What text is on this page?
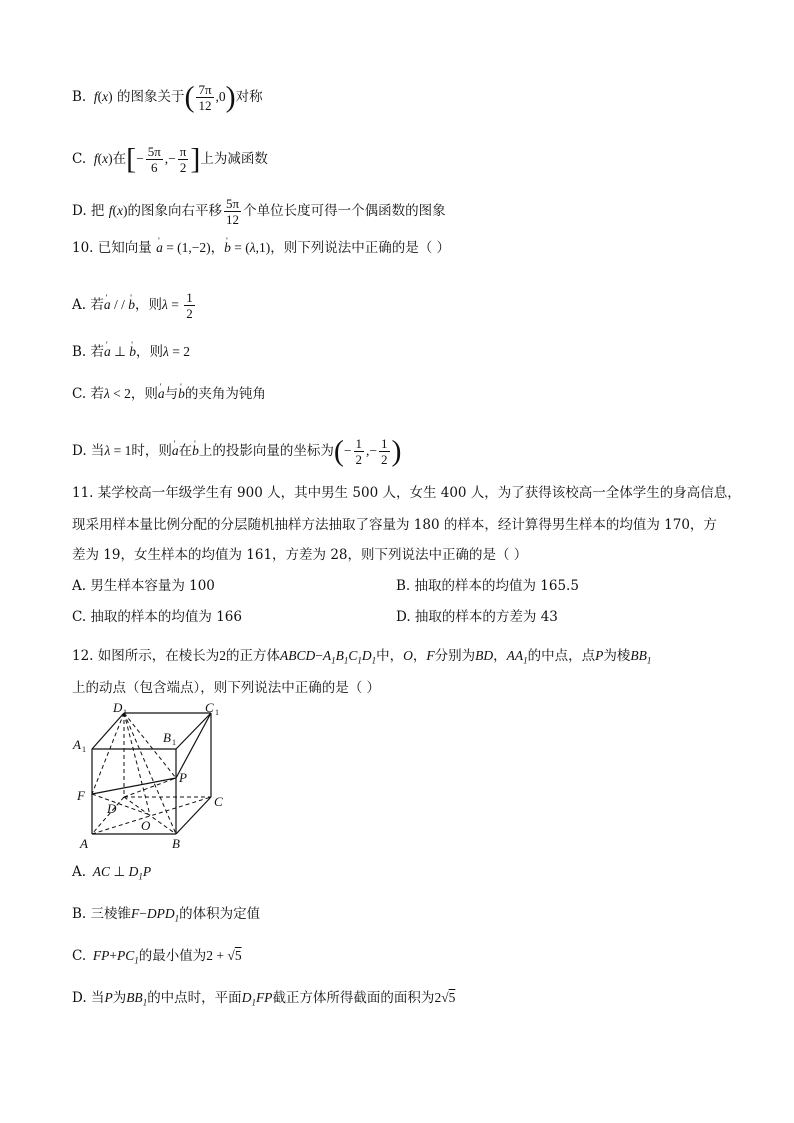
B.  f(x) 的图象关于( $\frac{7\pi}{12} ,0$)对称
C.  f(x)在[− $\frac{5\pi}{6}$ ,− $\frac{\pi}{2}$ ]上为减函数
D. 把 f(x)的图象向右平移 $\frac{5\pi}{12}$ 个单位长度可得一个偶函数的图象
10. 已知向量 ' a = (1,−2)，' b = (λ,1)，则下列说法中正确的是（ ）
A. 若' a / / ' b，则$\lambda = \frac{1}{2}$
B. 若' a ⊥ ' b，则λ = 2
C. 若λ < 2，则' a与' b的夹角为钝角
D. 当λ = 1时，则' a在' b上的投影向量的坐标为(− $\frac{1}{2}$ ,− $\frac{1}{2}$ )
11. 某学校高一年级学生有 900 人，其中男生 500 人，女生 400 人，为了获得该校高一全体学生的身高信息，
现采用样本量比例分配的分层随机抽样方法抽取了容量为 180 的样本，经计算得男生样本的均值为 170，方
差为 19，女生样本的均值为 161，方差为 28，则下列说法中正确的是（ ）
A. 男生样本容量为 100	B. 抽取的样本的均值为 165.5
C. 抽取的样本的均值为 166	D. 抽取的样本的方差为 43
12. 如图所示，在棱长为2的正方体$ABCD-A_1B_1C_1D_1$中，O，F分别为BD，$AA_1$的中点，点P为棱$BB_1$
上的动点（包含端点），则下列说法中正确的是（ ）
D 1	C 1
A 1
B 1
P
F	C
D
O
A	B
A.  AC ⊥ $D_1P$
B. 三棱锥$F-DPD_1$的体积为定值
C.  $FP+PC_1$的最小值为2 + √5
D. 当P为$BB_1$的中点时，平面$D_1FP$截正方体所得截面的面积为2√5
